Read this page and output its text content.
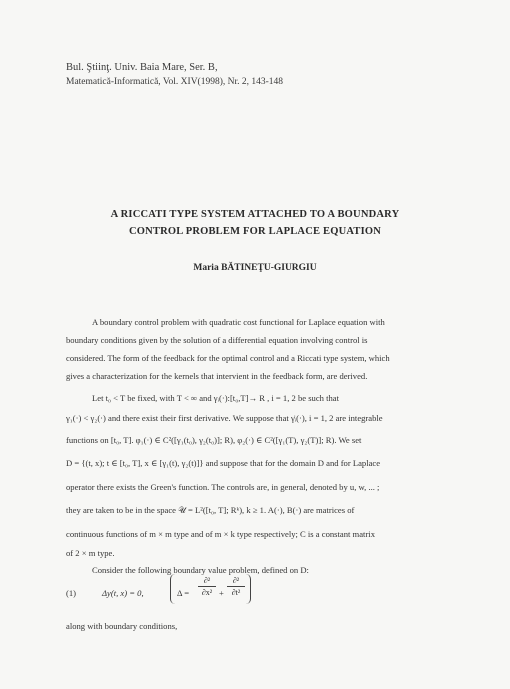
Bul. Ştiinţ. Univ. Baia Mare, Ser. B,
Matematică-Informatică, Vol. XIV(1998), Nr. 2, 143-148
A RICCATI TYPE SYSTEM ATTACHED TO A BOUNDARY
CONTROL PROBLEM FOR LAPLACE EQUATION
Maria BĂTINEŢU-GIURGIU
A boundary control problem with quadratic cost functional for Laplace equation with
boundary conditions given by the solution of a differential equation involving control is
considered. The form of the feedback for the optimal control and a Riccati type system, which
gives a characterization for the kernels that intervient in the feedback form, are derived.
Let t₀ < T be fixed, with T < ∞ and γᵢ(·):[t₀,T]→ R , i = 1, 2 be such that
γ₁(·) < γ₂(·) and there exist their first derivative. We suppose that γ̇ᵢ(·), i = 1, 2 are integrable
functions on [t₀, T]. φ₁(·) ∈ C²([γ₁(t₀), γ₂(t₀)]; R), φ₂(·) ∈ C²([γ₁(T), γ₂(T)]; R). We set
D = {(t, x); t ∈ [t₀, T], x ∈ [γ₁(t), γ₂(t)]} and suppose that for the domain D and for Laplace
operator there exists the Green's function. The controls are, in general, denoted by u, w, ... ;
they are taken to be in the space 𝒰 = L²([t₀, T]; Rᵏ), k ≥ 1. A(·), B(·) are matrices of
continuous functions of m × m type and of m × k type respectively; C is a constant matrix
of 2 × m type.
Consider the following boundary value problem, defined on D:
(1)	Δy(t, x) = 0,	Δ =
∂²
∂x² +
∂²
∂t²
along with boundary conditions,
